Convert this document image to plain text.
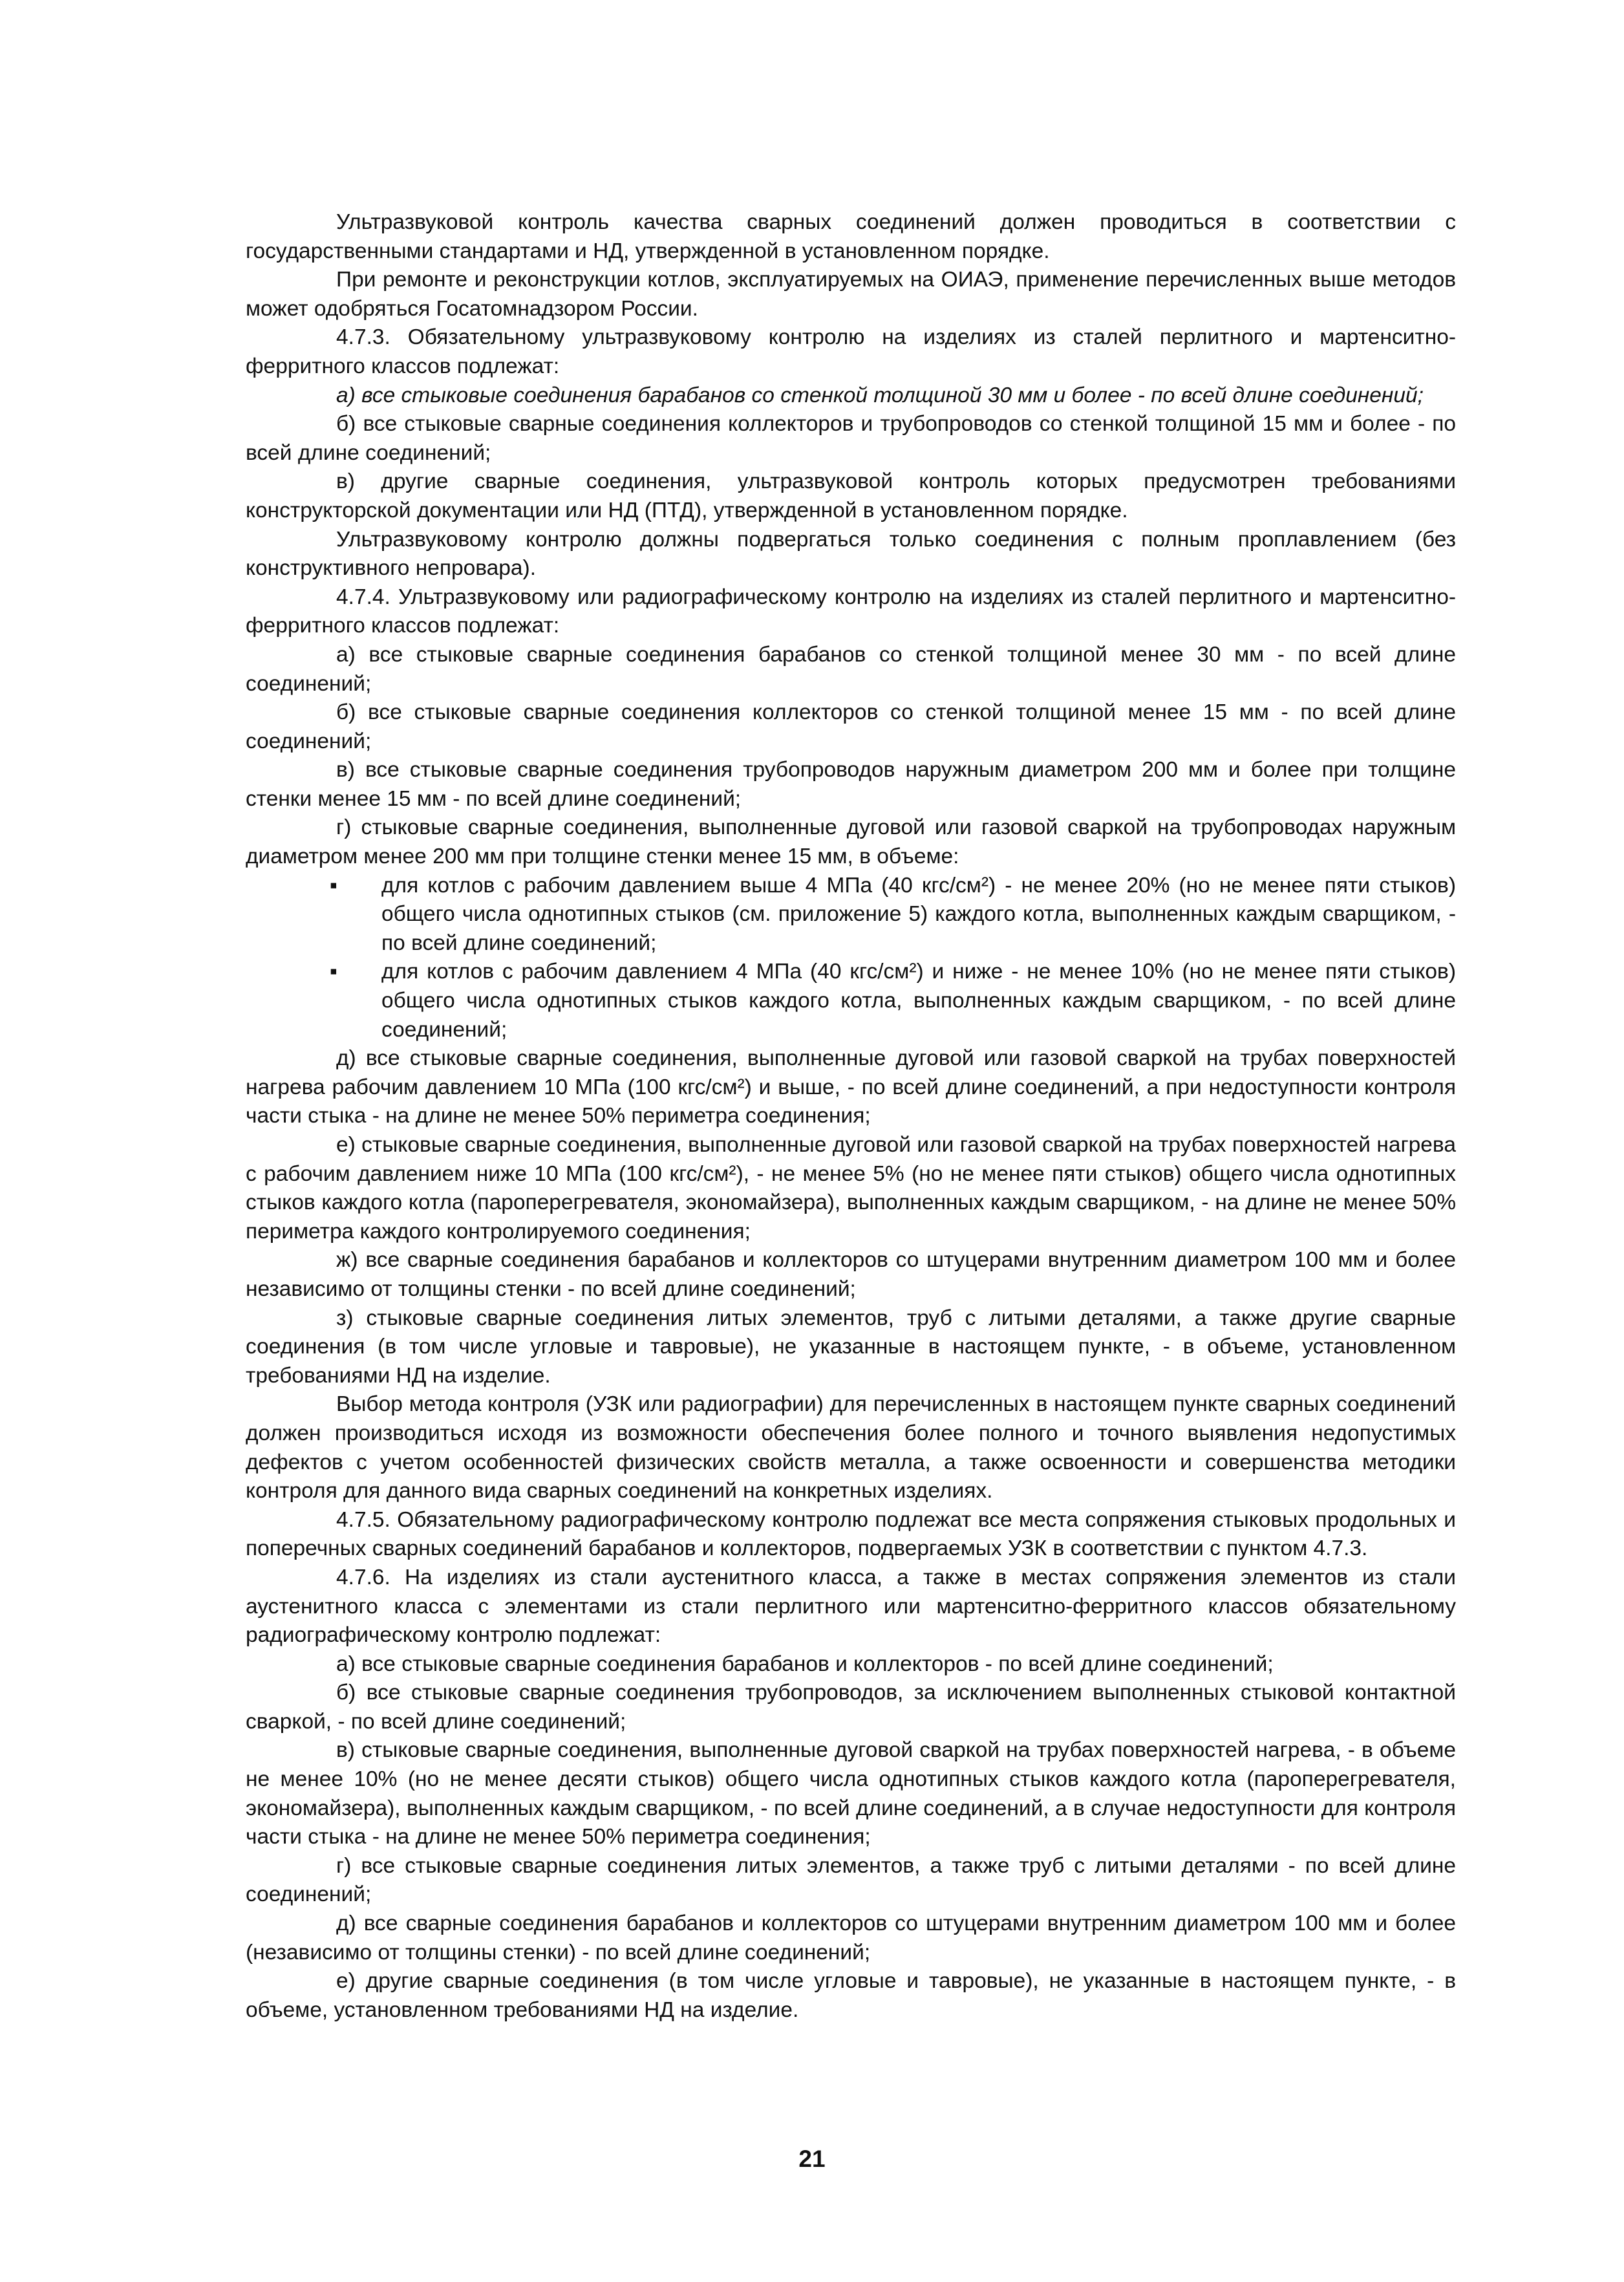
Ультразвуковой контроль качества сварных соединений должен проводиться в соответствии с государственными стандартами и НД, утвержденной в установленном порядке.

При ремонте и реконструкции котлов, эксплуатируемых на ОИАЭ, применение перечисленных выше методов может одобряться Госатомнадзором России.

4.7.3. Обязательному ультразвуковому контролю на изделиях из сталей перлитного и мартенситно-ферритного классов подлежат:

а) все стыковые соединения барабанов со стенкой толщиной 30 мм и более - по всей длине соединений;

б) все стыковые сварные соединения коллекторов и трубопроводов со стенкой толщиной 15 мм и более - по всей длине соединений;

в) другие сварные соединения, ультразвуковой контроль которых предусмотрен требованиями конструкторской документации или НД (ПТД), утвержденной в установленном порядке.

Ультразвуковому контролю должны подвергаться только соединения с полным проплавлением (без конструктивного непровара).

4.7.4. Ультразвуковому или радиографическому контролю на изделиях из сталей перлитного и мартенситно-ферритного классов подлежат:

а) все стыковые сварные соединения барабанов со стенкой толщиной менее 30 мм - по всей длине соединений;

б) все стыковые сварные соединения коллекторов со стенкой толщиной менее 15 мм - по всей длине соединений;

в) все стыковые сварные соединения трубопроводов наружным диаметром 200 мм и более при толщине стенки менее 15 мм - по всей длине соединений;

г) стыковые сварные соединения, выполненные дуговой или газовой сваркой на трубопроводах наружным диаметром менее 200 мм при толщине стенки менее 15 мм, в объеме:

▪ для котлов с рабочим давлением выше 4 МПа (40 кгс/см²) - не менее 20% (но не менее пяти стыков) общего числа однотипных стыков (см. приложение 5) каждого котла, выполненных каждым сварщиком, - по всей длине соединений;
▪ для котлов с рабочим давлением 4 МПа (40 кгс/см²) и ниже - не менее 10% (но не менее пяти стыков) общего числа однотипных стыков каждого котла, выполненных каждым сварщиком, - по всей длине соединений;

д) все стыковые сварные соединения, выполненные дуговой или газовой сваркой на трубах поверхностей нагрева рабочим давлением 10 МПа (100 кгс/см²) и выше, - по всей длине соединений, а при недоступности контроля части стыка - на длине не менее 50% периметра соединения;

е) стыковые сварные соединения, выполненные дуговой или газовой сваркой на трубах поверхностей нагрева с рабочим давлением ниже 10 МПа (100 кгс/см²), - не менее 5% (но не менее пяти стыков) общего числа однотипных стыков каждого котла (пароперегревателя, экономайзера), выполненных каждым сварщиком, - на длине не менее 50% периметра каждого контролируемого соединения;

ж) все сварные соединения барабанов и коллекторов со штуцерами внутренним диаметром 100 мм и более независимо от толщины стенки - по всей длине соединений;

з) стыковые сварные соединения литых элементов, труб с литыми деталями, а также другие сварные соединения (в том числе угловые и тавровые), не указанные в настоящем пункте, - в объеме, установленном требованиями НД на изделие.

Выбор метода контроля (УЗК или радиографии) для перечисленных в настоящем пункте сварных соединений должен производиться исходя из возможности обеспечения более полного и точного выявления недопустимых дефектов с учетом особенностей физических свойств металла, а также освоенности и совершенства методики контроля для данного вида сварных соединений на конкретных изделиях.

4.7.5. Обязательному радиографическому контролю подлежат все места сопряжения стыковых продольных и поперечных сварных соединений барабанов и коллекторов, подвергаемых УЗК в соответствии с пунктом 4.7.3.

4.7.6. На изделиях из стали аустенитного класса, а также в местах сопряжения элементов из стали аустенитного класса с элементами из стали перлитного или мартенситно-ферритного классов обязательному радиографическому контролю подлежат:

а) все стыковые сварные соединения барабанов и коллекторов - по всей длине соединений;

б) все стыковые сварные соединения трубопроводов, за исключением выполненных стыковой контактной сваркой, - по всей длине соединений;

в) стыковые сварные соединения, выполненные дуговой сваркой на трубах поверхностей нагрева, - в объеме не менее 10% (но не менее десяти стыков) общего числа однотипных стыков каждого котла (пароперегревателя, экономайзера), выполненных каждым сварщиком, - по всей длине соединений, а в случае недоступности для контроля части стыка - на длине не менее 50% периметра соединения;

г) все стыковые сварные соединения литых элементов, а также труб с литыми деталями - по всей длине соединений;

д) все сварные соединения барабанов и коллекторов со штуцерами внутренним диаметром 100 мм и более (независимо от толщины стенки) - по всей длине соединений;

е) другие сварные соединения (в том числе угловые и тавровые), не указанные в настоящем пункте, - в объеме, установленном требованиями НД на изделие.

21
